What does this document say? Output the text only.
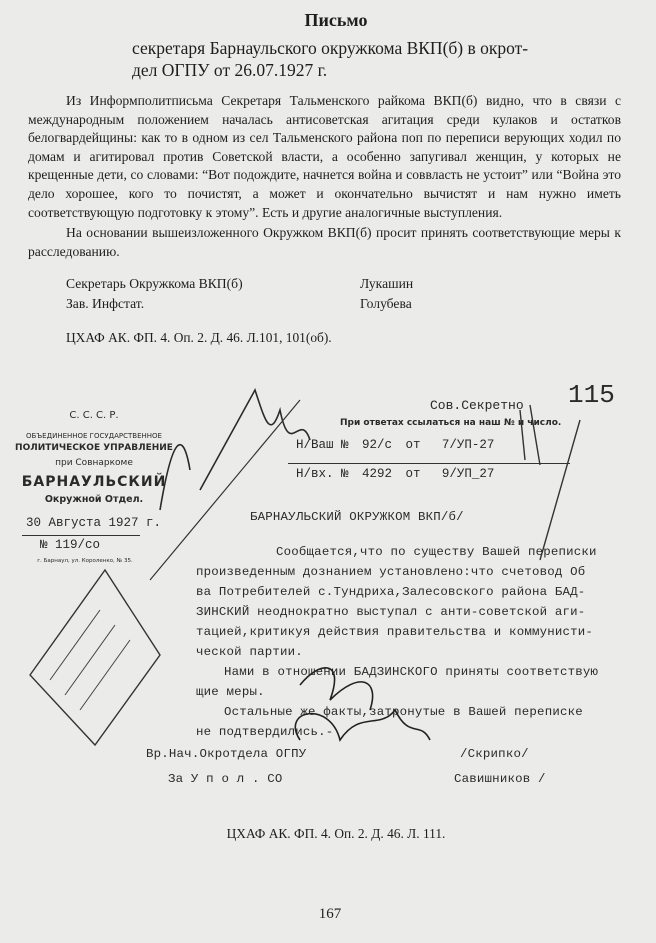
Письмо
секретаря Барнаульского окружкома ВКП(б) в окрот-
дел ОГПУ от 26.07.1927 г.

Из Информполитписьма Секретаря Тальменского райкома ВКП(б) видно, что в связи с международным положением началась антисоветская агитация среди кулаков и остатков белогвардейщины: как то в одном из сел Тальменского района поп по переписи верующих ходил по домам и агитировал против Советской власти, а особенно запугивал женщин, у которых не крещенные дети, со словами: “Вот подождите, начнется война и соввласть не устоит” или “Война это дело хорошее, кого то почистят, а может и окончательно вычистят и нам нужно иметь соответствующую подготовку к этому”. Есть и другие аналогичные выступления.

На основании вышеизложенного Окружком ВКП(б) просит принять соответствующие меры к расследованию.

Секретарь Окружкома ВКП(б)	Лукашин
Зав. Инфстат.	Голубева
ЦХАФ АК. ФП. 4. Оп. 2. Д. 46. Л.101, 101(об).
С. С. С. Р.
ОБЪЕДИНЕННОЕ ГОСУДАРСТВЕННОЕ
ПОЛИТИЧЕСКОЕ УПРАВЛЕНИЕ
при Совнаркоме
БАРНАУЛЬСКИЙ
Окружной Отдел.
30 Августа 1927 г.
№ 119/со
г. Барнаул, ул. Короленко, № 35.
Сов.Секретно 115
При ответах ссылаться на наш № и число.
Н/Ваш № 92/с от 7/УП-27
Н/вх. № 4292 от 9/УП_27
БАРНАУЛЬСКИЙ ОКРУЖКОМ ВКП/б/
Сообщается,что по существу Вашей переписки
произведенным дознанием установлено:что счетовод Об
ва Потребителей с.Тундриха,Залесовского района БАД-
ЗИНСКИЙ неоднократно выступал с анти-советской аги-
тацией,критикуя действия правительства и коммунисти-
ческой партии.
Нами в отношении БАДЗИНСКОГО приняты соответствую
щие меры.
Остальные же факты,затронутые в Вашей переписке
не подтвердились.-
Вр.Нач.Окротдела ОГПУ	/Скрипко/
За У п о л . СО	Савишников /
ЦХАФ АК. ФП. 4. Оп. 2. Д. 46. Л. 111.
167
